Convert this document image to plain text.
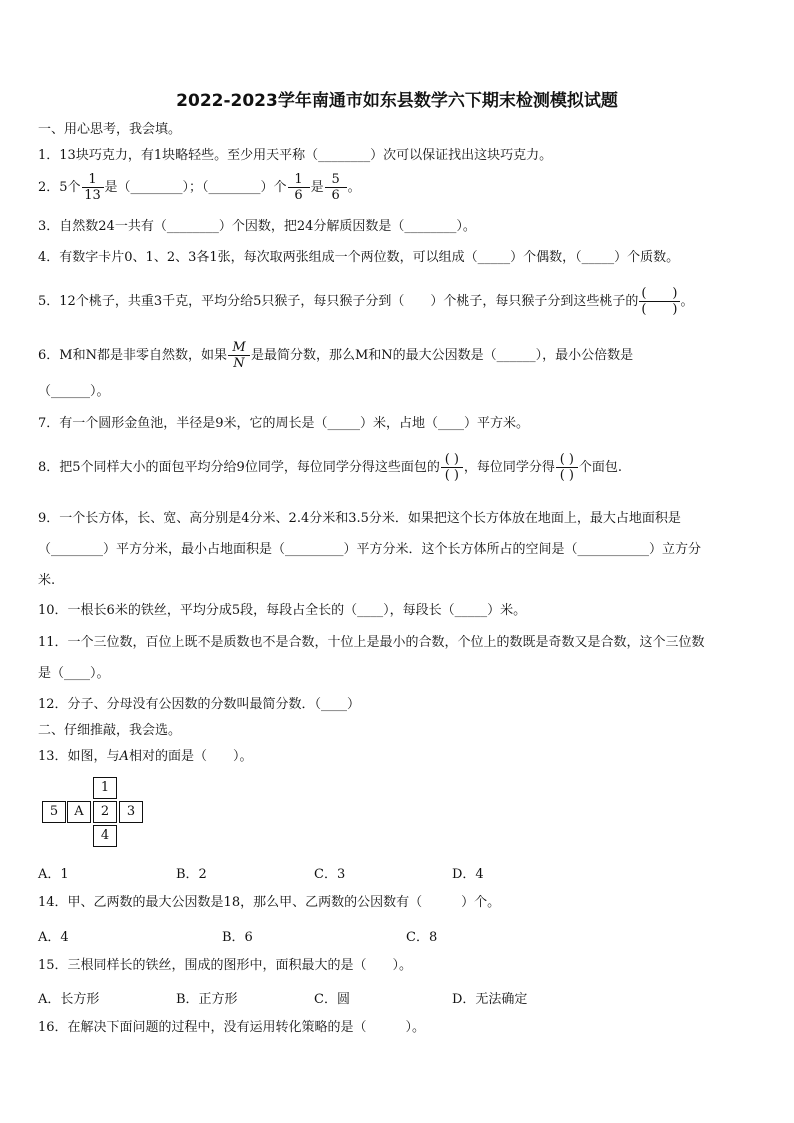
2022-2023学年南通市如东县数学六下期末检测模拟试题
一、用心思考，我会填。
1．13块巧克力，有1块略轻些。至少用天平称（________）次可以保证找出这块巧克力。
2．5个 $\frac{1}{13}$ 是（________）；（________）个 $\frac{1}{6}$ 是 $\frac{5}{6}$ 。
3．自然数24一共有（________）个因数，把24分解质因数是（________）。
4．有数字卡片0、1、2、3各1张，每次取两张组成一个两位数，可以组成（_____）个偶数，（_____）个质数。
5．12个桃子，共重3千克，平均分给5只猴子，每只猴子分到（　　）个桃子，每只猴子分到这些桃子的 $\frac{( )}{( )}$ 。
6．M和N都是非零自然数，如果 $\frac{M}{N}$ 是最简分数，那么M和N的最大公因数是（______），最小公倍数是
（______）。
7．有一个圆形金鱼池，半径是9米，它的周长是（_____）米，占地（____）平方米。
8．把5个同样大小的面包平均分给9位同学，每位同学分得这些面包的 $\frac{( )}{( )}$ ，每位同学分得 $\frac{( )}{( )}$ 个面包.
9．一个长方体，长、宽、高分别是4分米、2.4分米和3.5分米．如果把这个长方体放在地面上，最大占地面积是
（________）平方分米，最小占地面积是（_________）平方分米．这个长方体所占的空间是（___________）立方分
米.
10．一根长6米的铁丝，平均分成5段，每段占全长的（____），每段长（_____）米。
11．一个三位数，百位上既不是质数也不是合数，十位上是最小的合数，个位上的数既是奇数又是合数，这个三位数
是（____）。
12．分子、分母没有公因数的分数叫最简分数．（____）
二、仔细推敲，我会选。
13．如图，与A相对的面是（　　）。
1
5	A	2	3
4
A．1	B．2	C．3	D．4
14．甲、乙两数的最大公因数是18，那么甲、乙两数的公因数有（　　　）个。
A．4	B．6	C．8
15．三根同样长的铁丝，围成的图形中，面积最大的是（　　）。
A．长方形	B．正方形	C．圆	D．无法确定
16．在解决下面问题的过程中，没有运用转化策略的是（　　　）。
